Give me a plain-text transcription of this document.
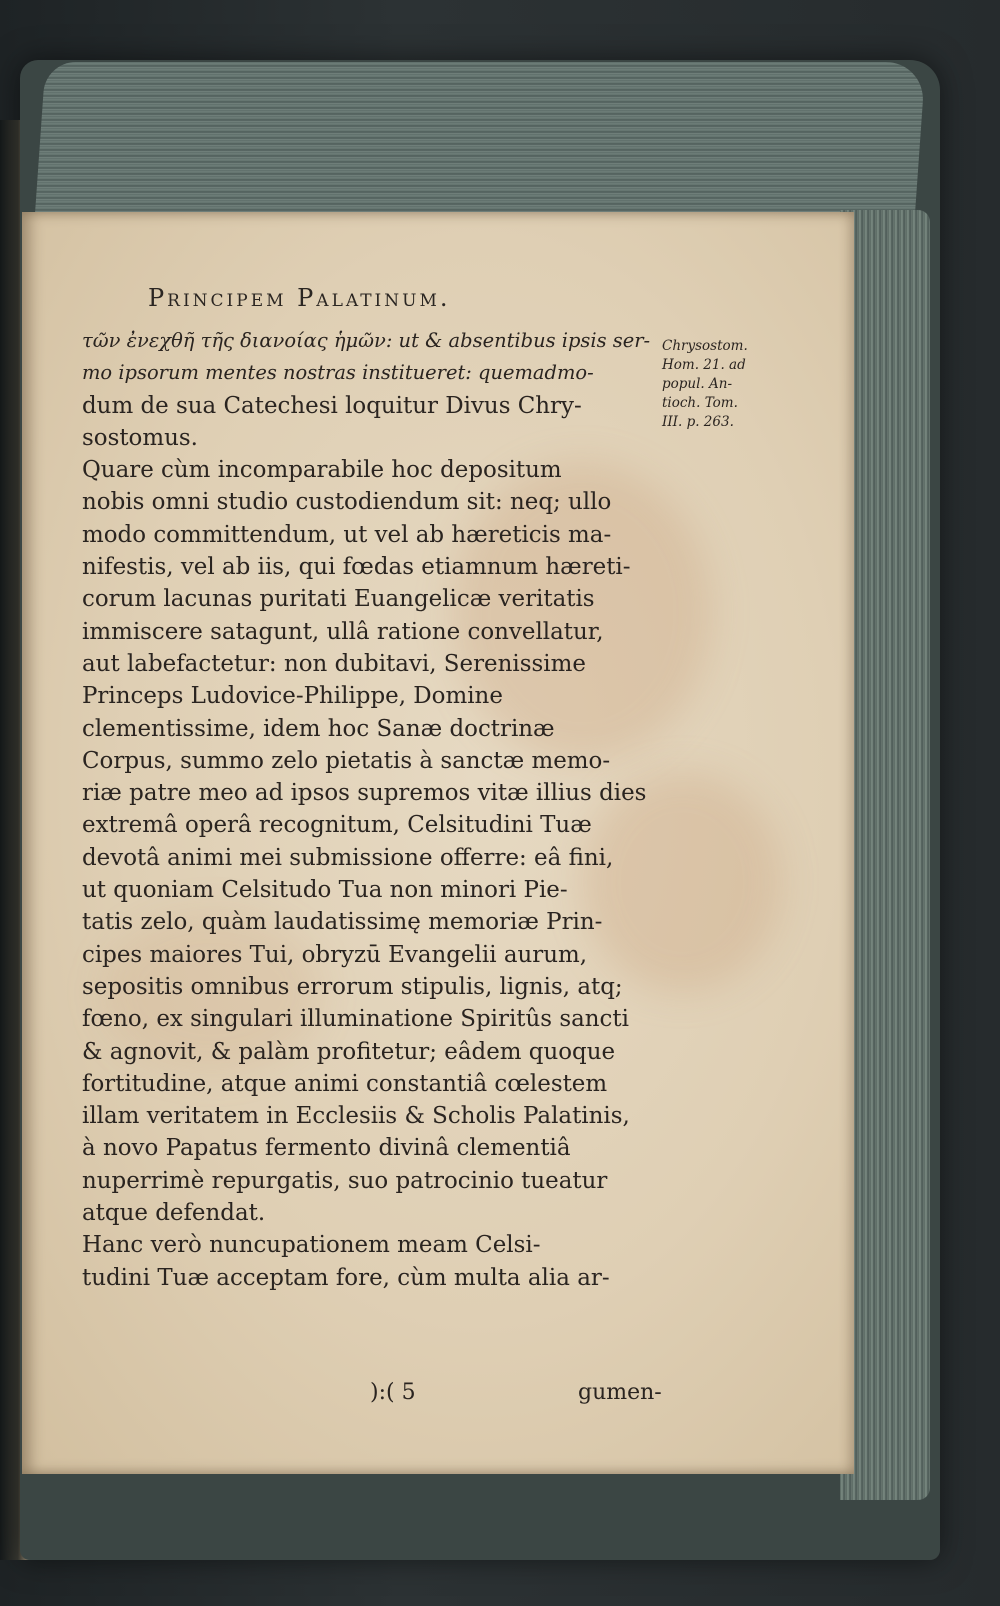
Principem Palatinum.
τῶν ἐνεχθῆ τῆς διανοίας ἡμῶν: ut & absentibus ipsis ser-
mo ipsorum mentes nostras institueret: quemadmo-
dum de sua Catechesi loquitur Divus Chry-
sostomus.
Quare cùm incomparabile hoc depositum
nobis omni studio custodiendum sit: neq; ullo
modo committendum, ut vel ab hæreticis ma-
nifestis, vel ab iis, qui fœdas etiamnum hæreti-
corum lacunas puritati Euangelicæ veritatis
immiscere satagunt, ullâ ratione convellatur,
aut labefactetur: non dubitavi, Serenissime
Princeps Ludovice-Philippe, Domine
clementissime, idem hoc Sanæ doctrinæ
Corpus, summo zelo pietatis à sanctæ memo-
riæ patre meo ad ipsos supremos vitæ illius dies
extremâ operâ recognitum, Celsitudini Tuæ
devotâ animi mei submissione offerre: eâ fini,
ut quoniam Celsitudo Tua non minori Pie-
tatis zelo, quàm laudatissimę memoriæ Prin-
cipes maiores Tui, obryzū Evangelii aurum,
sepositis omnibus errorum stipulis, lignis, atq;
fœno, ex singulari illuminatione Spiritûs sancti
& agnovit, & palàm profitetur; eâdem quoque
fortitudine, atque animi constantiâ cœlestem
illam veritatem in Ecclesiis & Scholis Palatinis,
à novo Papatus fermento divinâ clementiâ
nuperrimè repurgatis, suo patrocinio tueatur
atque defendat.
Hanc verò nuncupationem meam Celsi-
tudini Tuæ acceptam fore, cùm multa alia ar-
Chrysostom.
Hom. 21. ad
popul. An-
tioch. Tom.
III. p. 263.
):( 5	gumen-
